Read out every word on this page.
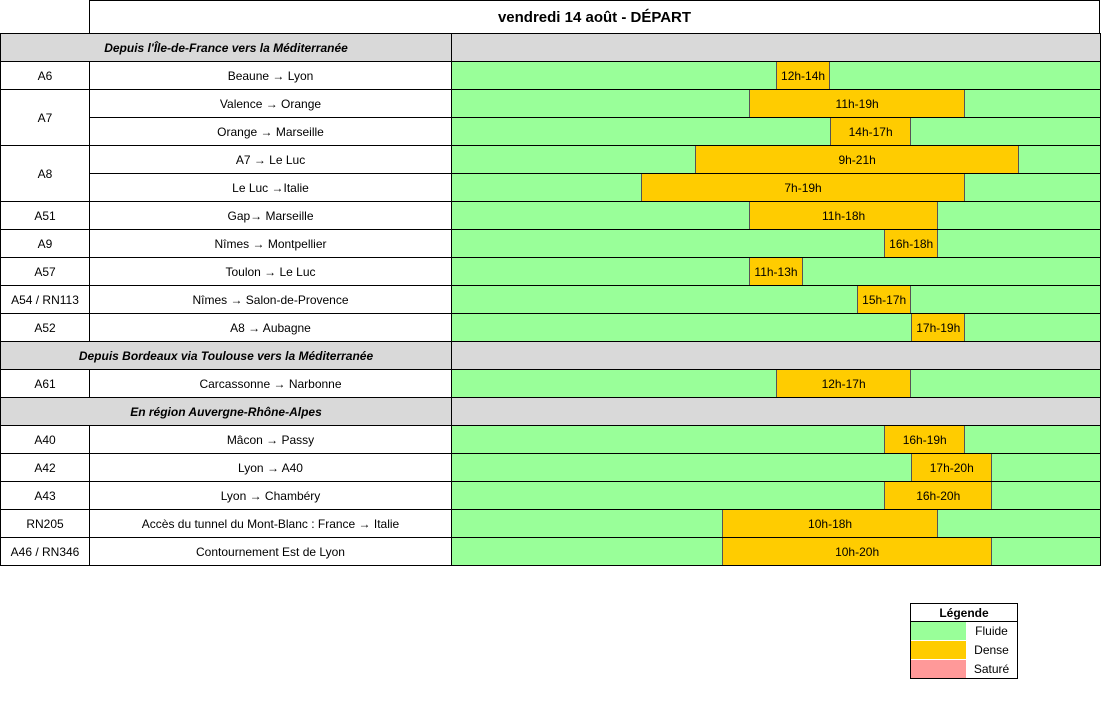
vendredi 14 août - DÉPART
Depuis l'Île-de-France vers la Méditerranée
A6	Beaune → Lyon	12h-14h
A7
Valence → Orange	11h-19h
Orange → Marseille	14h-17h
A8
A7 → Le Luc	9h-21h
Le Luc →Italie	7h-19h
A51	Gap→ Marseille	11h-18h
A9	Nîmes → Montpellier	16h-18h
A57	Toulon → Le Luc	11h-13h
A54 / RN113	Nîmes → Salon-de-Provence	15h-17h
A52	A8 → Aubagne	17h-19h
Depuis Bordeaux via Toulouse vers la Méditerranée
A61	Carcassonne → Narbonne	12h-17h
En région Auvergne-Rhône-Alpes
A40	Mâcon → Passy	16h-19h
A42	Lyon → A40	17h-20h
A43	Lyon → Chambéry	16h-20h
RN205	Accès du tunnel du Mont-Blanc : France → Italie	10h-18h
A46 / RN346	Contournement Est de Lyon	10h-20h
Légende
Fluide
Dense
Saturé
